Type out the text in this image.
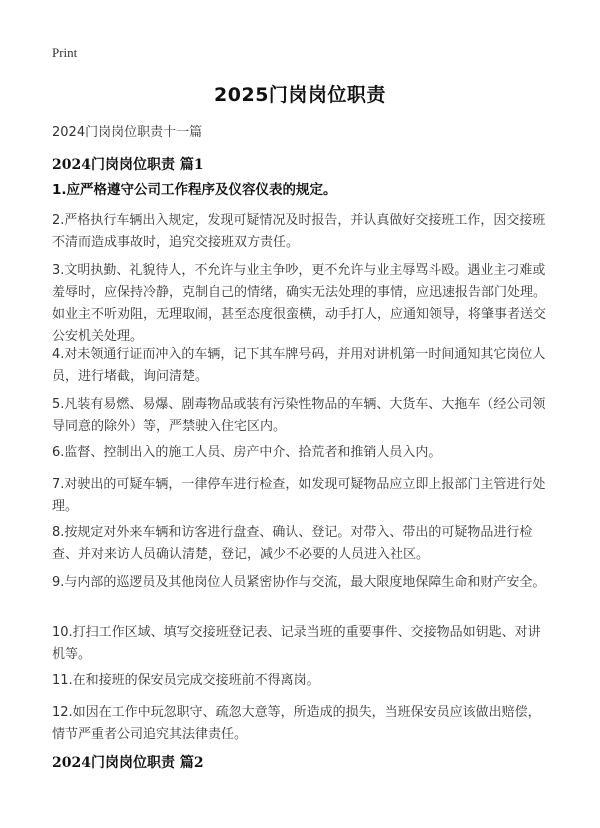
Print
2025门岗岗位职责
2024门岗岗位职责十一篇
2024门岗岗位职责 篇1
1.应严格遵守公司工作程序及仪容仪表的规定。
2.严格执行车辆出入规定，发现可疑情况及时报告，并认真做好交接班工作，因交接班不清而造成事故时，追究交接班双方责任。
3.文明执勤、礼貌待人，不允许与业主争吵，更不允许与业主辱骂斗殴。遇业主刁难或羞辱时，应保持冷静，克制自己的情绪，确实无法处理的事情，应迅速报告部门处理。如业主不听劝阻，无理取闹，甚至态度很蛮横，动手打人，应通知领导，将肇事者送交公安机关处理。
4.对未领通行证而冲入的车辆，记下其车牌号码，并用对讲机第一时间通知其它岗位人员，进行堵截，询问清楚。
5.凡装有易燃、易爆、剧毒物品或装有污染性物品的车辆、大货车、大拖车（经公司领导同意的除外）等，严禁驶入住宅区内。
6.监督、控制出入的施工人员、房产中介、拾荒者和推销人员入内。
7.对驶出的可疑车辆，一律停车进行检查，如发现可疑物品应立即上报部门主管进行处理。
8.按规定对外来车辆和访客进行盘查、确认、登记。对带入、带出的可疑物品进行检查、并对来访人员确认清楚，登记，减少不必要的人员进入社区。
9.与内部的巡逻员及其他岗位人员紧密协作与交流，最大限度地保障生命和财产安全。
10.打扫工作区域、填写交接班登记表、记录当班的重要事件、交接物品如钥匙、对讲机等。
11.在和接班的保安员完成交接班前不得离岗。
12.如因在工作中玩忽职守、疏忽大意等，所造成的损失，当班保安员应该做出赔偿，情节严重者公司追究其法律责任。
2024门岗岗位职责 篇2
